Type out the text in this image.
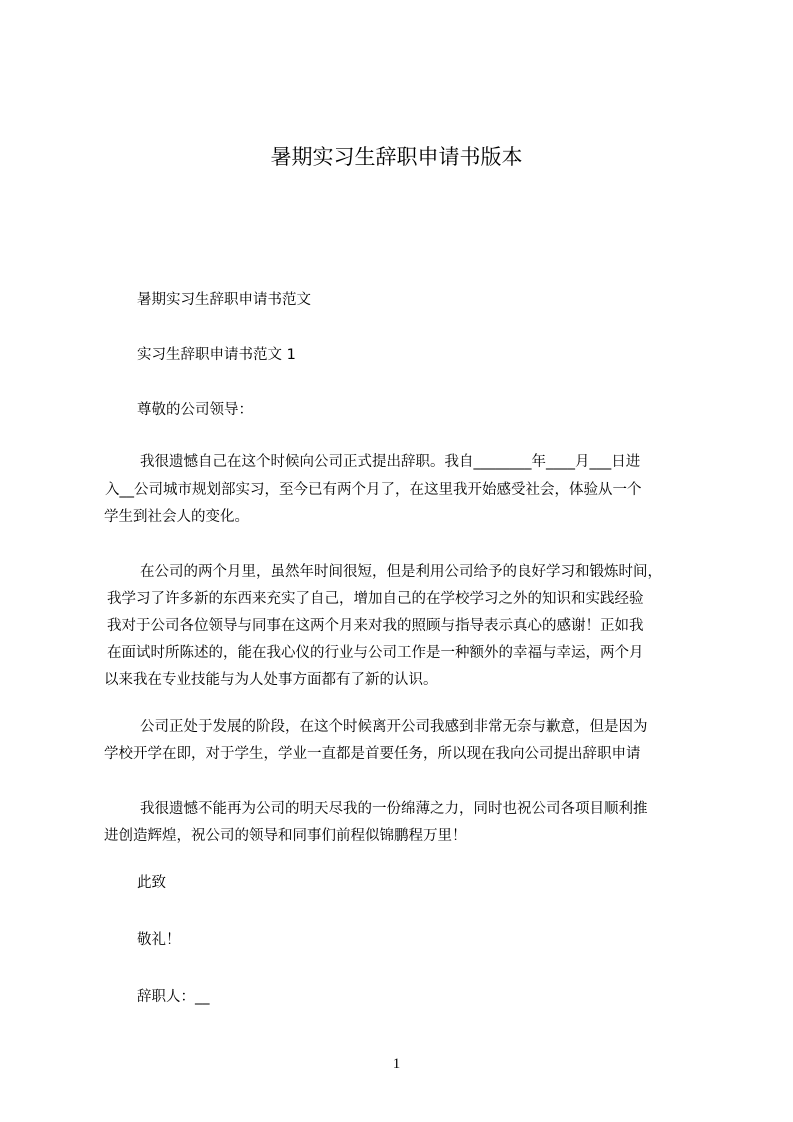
暑期实习生辞职申请书版本
暑期实习生辞职申请书范文
实习生辞职申请书范文 1
尊敬的公司领导：
我很遗憾自己在这个时候向公司正式提出辞职。我自________年____月___日进
入__公司城市规划部实习，至今已有两个月了，在这里我开始感受社会，体验从一个
学生到社会人的变化。
在公司的两个月里，虽然年时间很短，但是利用公司给予的良好学习和锻炼时间，
我学习了许多新的东西来充实了自己，增加自己的在学校学习之外的知识和实践经验
我对于公司各位领导与同事在这两个月来对我的照顾与指导表示真心的感谢！正如我
在面试时所陈述的，能在我心仪的行业与公司工作是一种额外的幸福与幸运，两个月
以来我在专业技能与为人处事方面都有了新的认识。
公司正处于发展的阶段，在这个时候离开公司我感到非常无奈与歉意，但是因为
学校开学在即，对于学生，学业一直都是首要任务，所以现在我向公司提出辞职申请
我很遗憾不能再为公司的明天尽我的一份绵薄之力，同时也祝公司各项目顺利推
进创造辉煌，祝公司的领导和同事们前程似锦鹏程万里！
此致
敬礼！
辞职人：__
1
